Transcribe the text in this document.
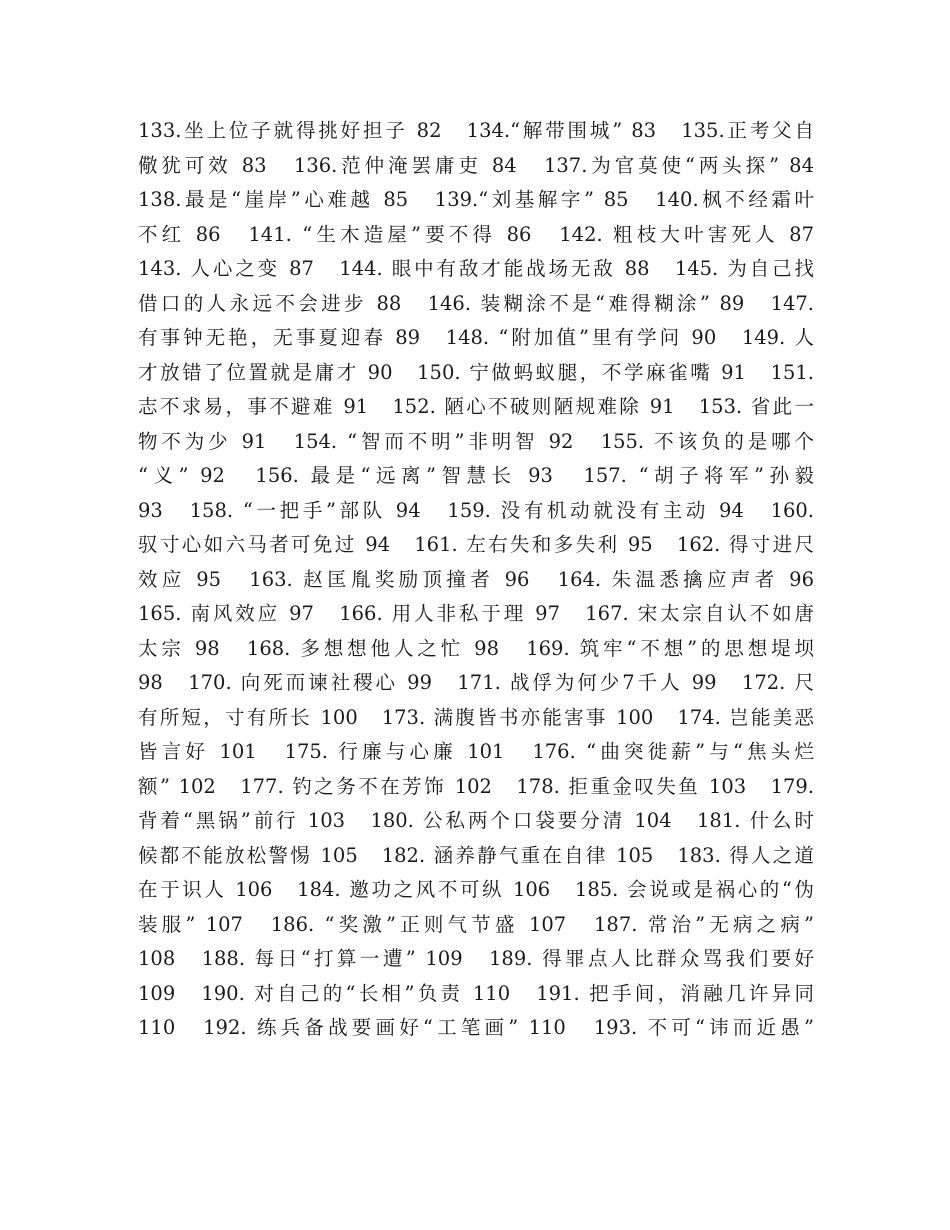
133.坐上位子就得挑好担子 82　134.“解带围城” 83　135.正考父自
儆犹可效 83　136.范仲淹罢庸吏 84　137.为官莫使“两头探” 84
138.最是“崖岸”心难越 85　139.“刘基解字” 85　140.枫不经霜叶
不红 86　141. “生木造屋”要不得 86　142. 粗枝大叶害死人 87
143. 人心之变 87　144. 眼中有敌才能战场无敌 88　145. 为自己找
借口的人永远不会进步 88　146. 装糊涂不是“难得糊涂” 89　147.
有事钟无艳，无事夏迎春 89　148. “附加值”里有学问 90　149. 人
才放错了位置就是庸才 90　150. 宁做蚂蚁腿，不学麻雀嘴 91　151.
志不求易，事不避难 91　152. 陋心不破则陋规难除 91　153. 省此一
物不为少 91　154. “智而不明”非明智 92　155. 不该负的是哪个
“义” 92　156. 最是“远离”智慧长 93　157. “胡子将军”孙毅
93　158. “一把手”部队 94　159. 没有机动就没有主动 94　160.
驭寸心如六马者可免过 94　161. 左右失和多失利 95　162. 得寸进尺
效应 95　163. 赵匡胤奖励顶撞者 96　164. 朱温悉擒应声者 96
165. 南风效应 97　166. 用人非私于理 97　167. 宋太宗自认不如唐
太宗 98　168. 多想想他人之忙 98　169. 筑牢“不想”的思想堤坝
98　170. 向死而谏社稷心 99　171. 战俘为何少7千人 99　172. 尺
有所短，寸有所长 100　173. 满腹皆书亦能害事 100　174. 岂能美恶
皆言好 101　175. 行廉与心廉 101　176. “曲突徙薪”与“焦头烂
额” 102　177. 钓之务不在芳饰 102　178. 拒重金叹失鱼 103　179.
背着“黑锅”前行 103　180. 公私两个口袋要分清 104　181. 什么时
候都不能放松警惕 105　182. 涵养静气重在自律 105　183. 得人之道
在于识人 106　184. 邀功之风不可纵 106　185. 会说或是祸心的“伪
装服” 107　186. “奖激”正则气节盛 107　187. 常治”无病之病”
108　188. 每日“打算一遭” 109　189. 得罪点人比群众骂我们要好
109　190. 对自己的“长相”负责 110　191. 把手间，消融几许异同
110　192. 练兵备战要画好“工笔画” 110　193. 不可“讳而近愚”
